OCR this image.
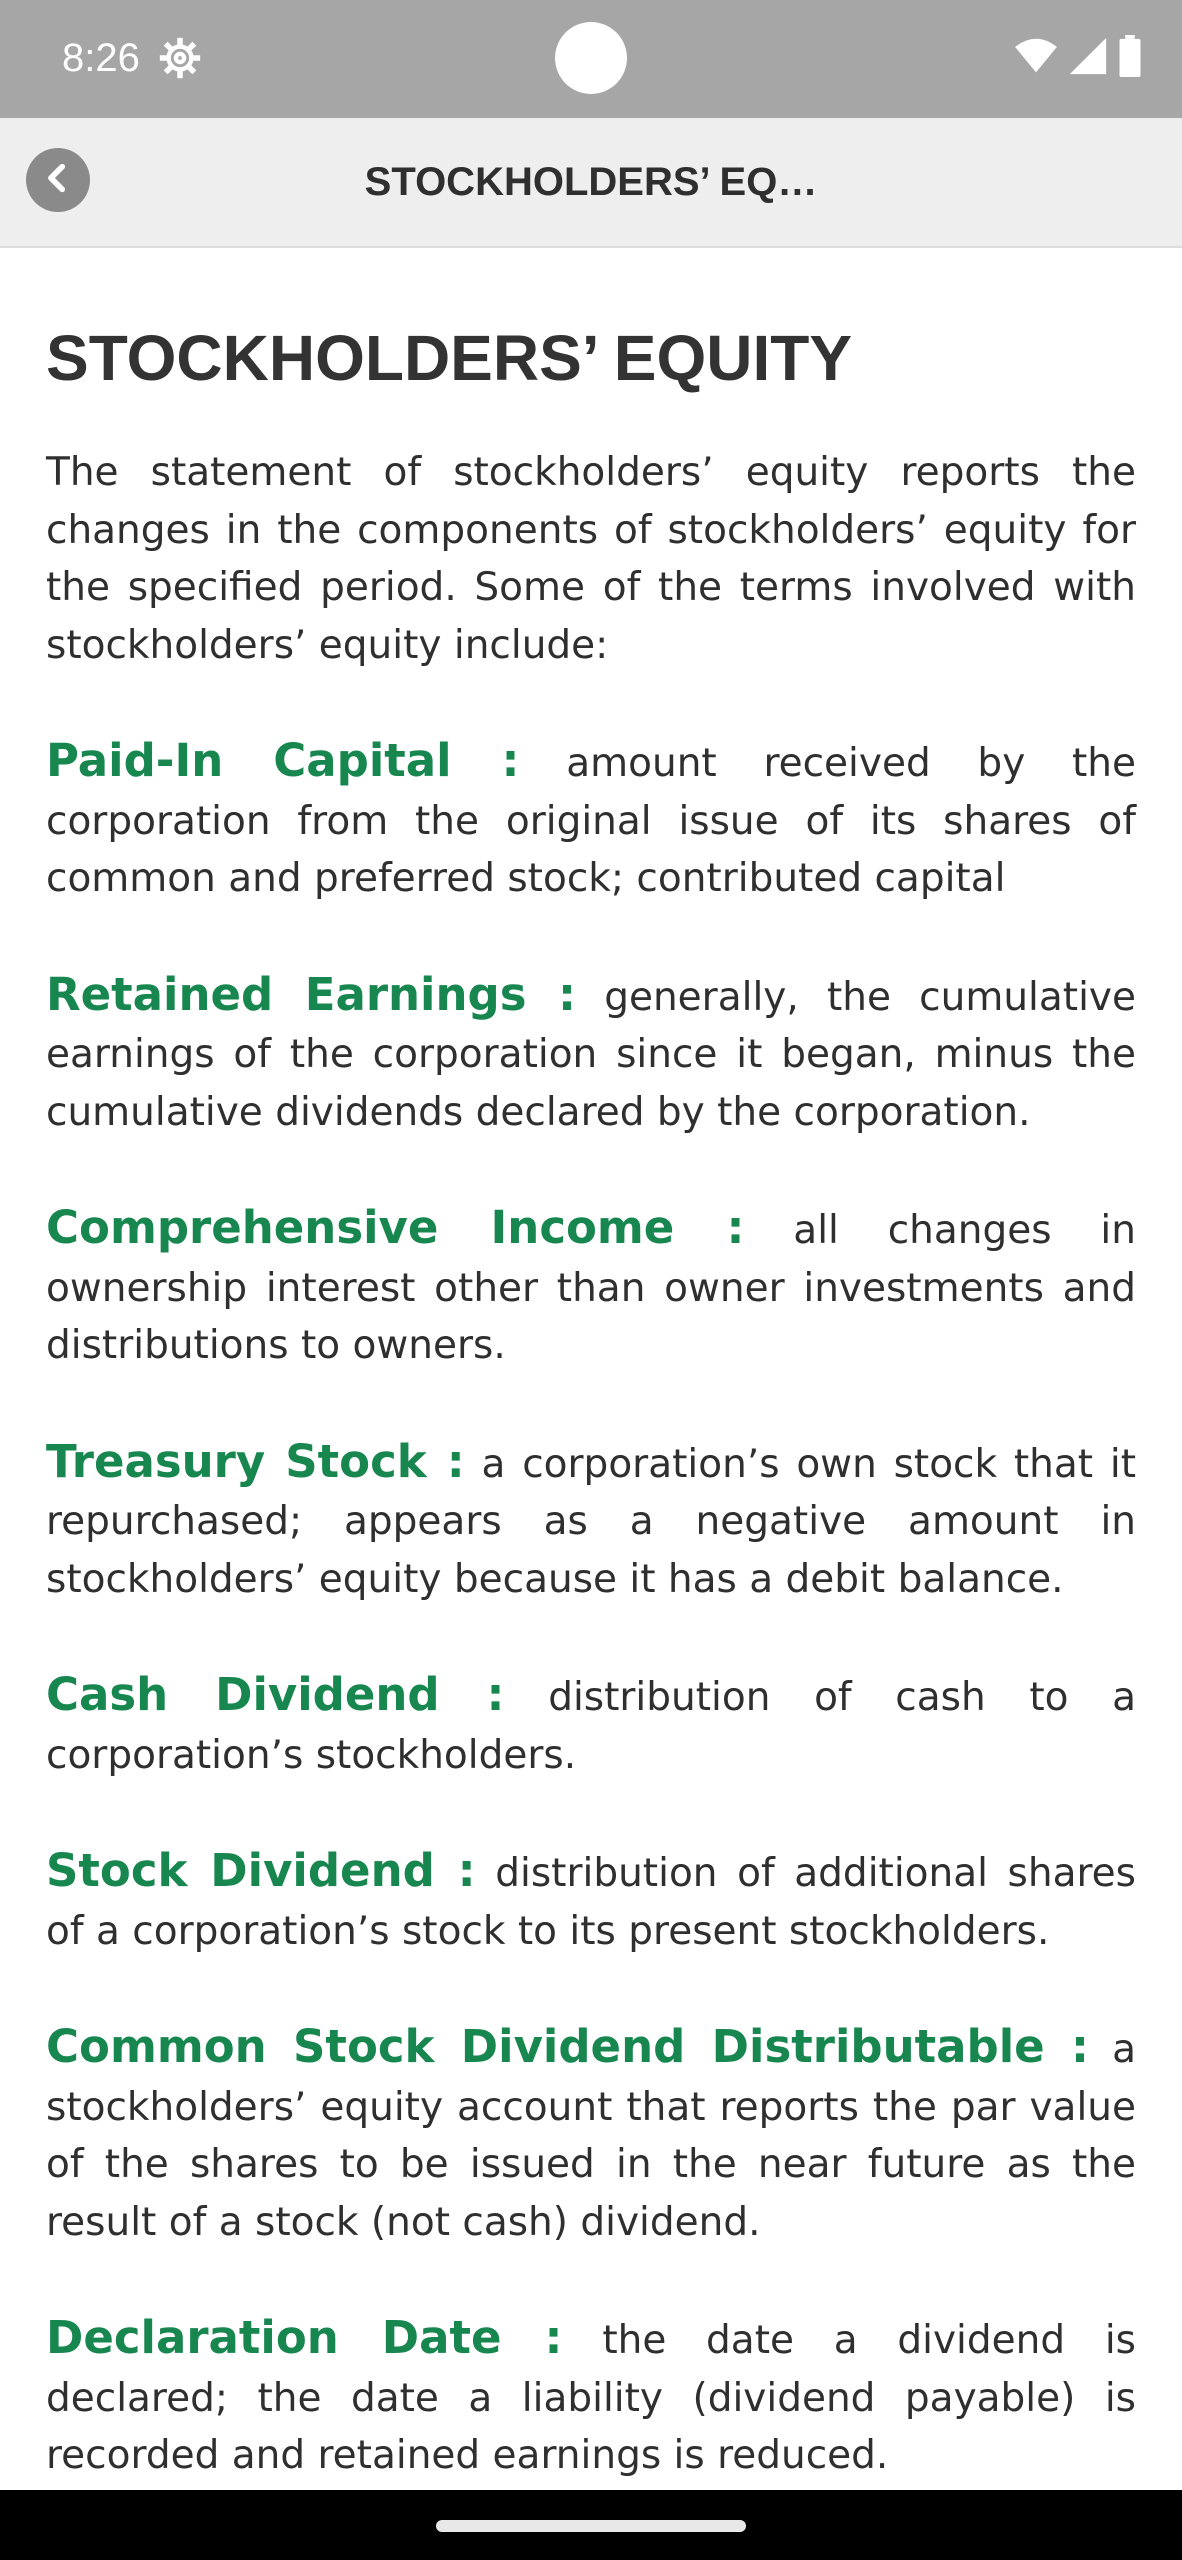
8:26
STOCKHOLDERS’ EQ…
STOCKHOLDERS’ EQUITY

The statement of stockholders’ equity reports the changes in the components of stockholders’ equity for the specified period. Some of the terms involved with stockholders’ equity include:

Paid-In Capital : amount received by the corporation from the original issue of its shares of common and preferred stock; contributed capital

Retained Earnings : generally, the cumulative earnings of the corporation since it began, minus the cumulative dividends declared by the corporation.

Comprehensive Income : all changes in ownership interest other than owner investments and distributions to owners.

Treasury Stock : a corporation’s own stock that it repurchased; appears as a negative amount in stockholders’ equity because it has a debit balance.

Cash Dividend : distribution of cash to a corporation’s stockholders.

Stock Dividend : distribution of additional shares of a corporation’s stock to its present stockholders.

Common Stock Dividend Distributable : a stockholders’ equity account that reports the par value of the shares to be issued in the near future as the result of a stock (not cash) dividend.

Declaration Date : the date a dividend is declared; the date a liability (dividend payable) is recorded and retained earnings is reduced.
